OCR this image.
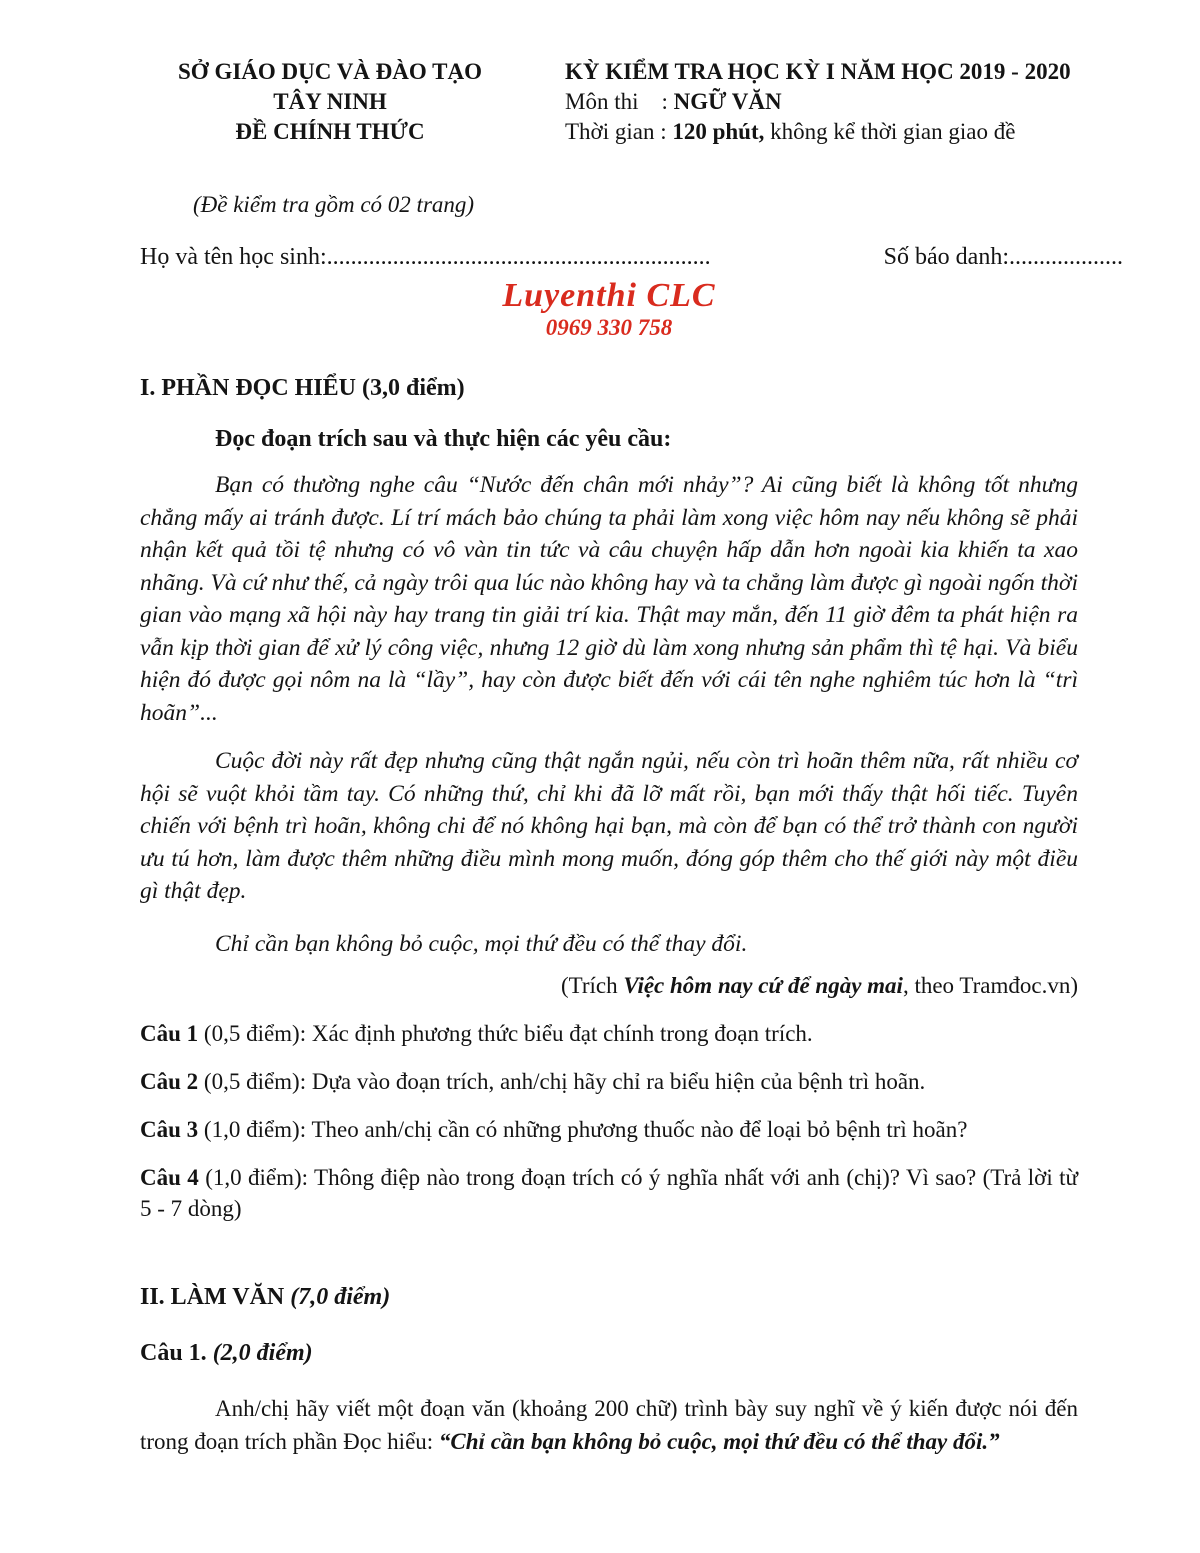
SỞ GIÁO DỤC VÀ ĐÀO TẠO
TÂY NINH
ĐỀ CHÍNH THỨC
KỲ KIỂM TRA HỌC KỲ I NĂM HỌC 2019 - 2020
Môn thi    : NGỮ VĂN
Thời gian : 120 phút, không kể thời gian giao đề
(Đề kiểm tra gồm có 02 trang)
Họ và tên học sinh:................................................................	Số báo danh:...................
Luyenthi CLC
0969 330 758
I. PHẦN ĐỌC HIỂU (3,0 điểm)
Đọc đoạn trích sau và thực hiện các yêu cầu:

Bạn có thường nghe câu “Nước đến chân mới nhảy”? Ai cũng biết là không tốt nhưng chẳng mấy ai tránh được. Lí trí mách bảo chúng ta phải làm xong việc hôm nay nếu không sẽ phải nhận kết quả tồi tệ nhưng có vô vàn tin tức và câu chuyện hấp dẫn hơn ngoài kia khiến ta xao nhãng. Và cứ như thế, cả ngày trôi qua lúc nào không hay và ta chẳng làm được gì ngoài ngốn thời gian vào mạng xã hội này hay trang tin giải trí kia. Thật may mắn, đến 11 giờ đêm ta phát hiện ra vẫn kịp thời gian để xử lý công việc, nhưng 12 giờ dù làm xong nhưng sản phẩm thì tệ hại. Và biểu hiện đó được gọi nôm na là “lầy”, hay còn được biết đến với cái tên nghe nghiêm túc hơn là “trì hoãn”...

Cuộc đời này rất đẹp nhưng cũng thật ngắn ngủi, nếu còn trì hoãn thêm nữa, rất nhiều cơ hội sẽ vuột khỏi tầm tay. Có những thứ, chỉ khi đã lỡ mất rồi, bạn mới thấy thật hối tiếc. Tuyên chiến với bệnh trì hoãn, không chi để nó không hại bạn, mà còn để bạn có thể trở thành con người ưu tú hơn, làm được thêm những điều mình mong muốn, đóng góp thêm cho thế giới này một điều gì thật đẹp.

Chỉ cần bạn không bỏ cuộc, mọi thứ đều có thể thay đổi.

(Trích Việc hôm nay cứ để ngày mai, theo Tramđoc.vn)

Câu 1 (0,5 điểm): Xác định phương thức biểu đạt chính trong đoạn trích.

Câu 2 (0,5 điểm): Dựa vào đoạn trích, anh/chị hãy chỉ ra biểu hiện của bệnh trì hoãn.

Câu 3 (1,0 điểm): Theo anh/chị cần có những phương thuốc nào để loại bỏ bệnh trì hoãn?

Câu 4 (1,0 điểm): Thông điệp nào trong đoạn trích có ý nghĩa nhất với anh (chị)? Vì sao? (Trả lời từ 5 - 7 dòng)

II. LÀM VĂN (7,0 điểm)
Câu 1. (2,0 điểm)

Anh/chị hãy viết một đoạn văn (khoảng 200 chữ) trình bày suy nghĩ về ý kiến được nói đến trong đoạn trích phần Đọc hiểu: “Chỉ cần bạn không bỏ cuộc, mọi thứ đều có thể thay đổi.”
